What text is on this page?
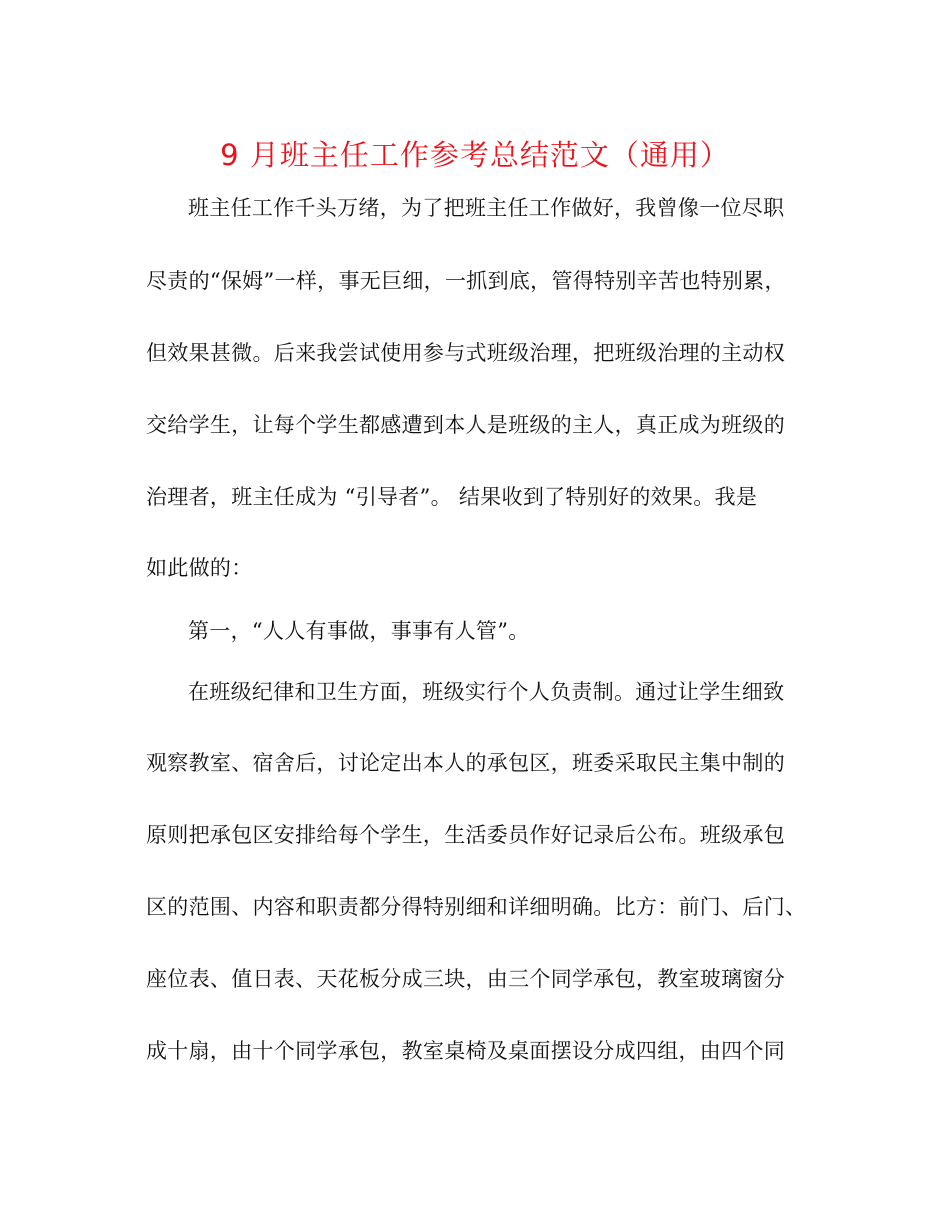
9 月班主任工作参考总结范文（通用）
班主任工作千头万绪，为了把班主任工作做好，我曾像一位尽职
尽责的“保姆”一样，事无巨细，一抓到底，管得特别辛苦也特别累，
但效果甚微。后来我尝试使用参与式班级治理，把班级治理的主动权
交给学生，让每个学生都感遭到本人是班级的主人，真正成为班级的
治理者，班主任成为 “引导者”。 结果收到了特别好的效果。我是
如此做的：
第一，“人人有事做，事事有人管”。
在班级纪律和卫生方面，班级实行个人负责制。通过让学生细致
观察教室、宿舍后，讨论定出本人的承包区，班委采取民主集中制的
原则把承包区安排给每个学生，生活委员作好记录后公布。班级承包
区的范围、内容和职责都分得特别细和详细明确。比方：前门、后门、
座位表、值日表、天花板分成三块，由三个同学承包，教室玻璃窗分
成十扇，由十个同学承包，教室桌椅及桌面摆设分成四组，由四个同
